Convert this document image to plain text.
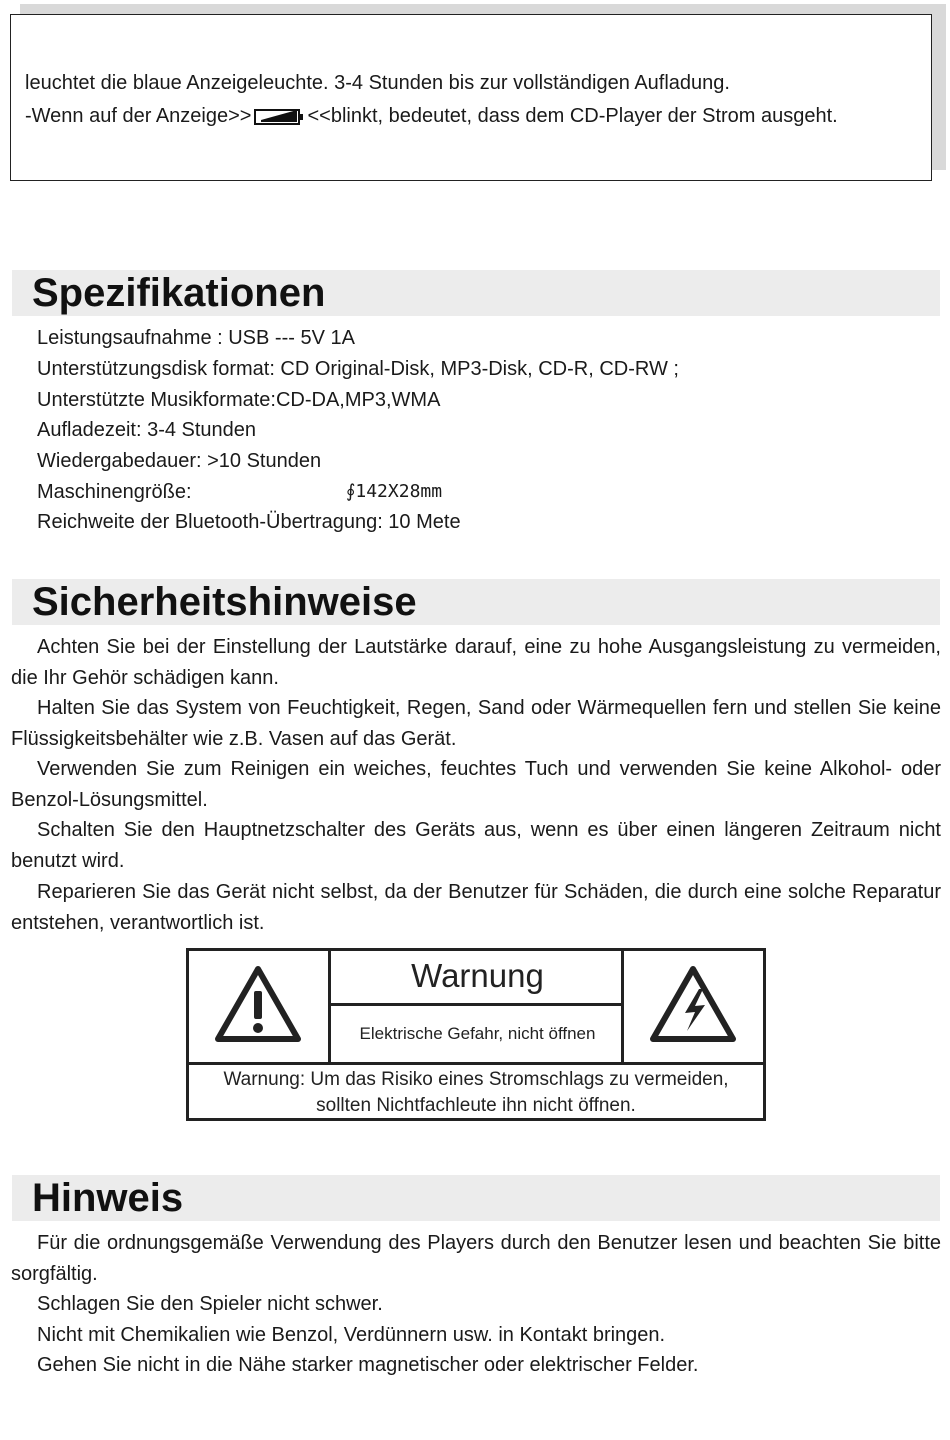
leuchtet die blaue Anzeigeleuchte. 3-4 Stunden bis zur vollständigen Aufladung.
-Wenn auf der Anzeige>>	<<blinkt, bedeutet, dass dem CD-Player der Strom ausgeht.
Spezifikationen
Leistungsaufnahme : USB --- 5V 1A
Unterstützungsdisk format: CD Original-Disk, MP3-Disk, CD-R, CD-RW ;
Unterstützte Musikformate:CD-DA,MP3,WMA
Aufladezeit: 3-4 Stunden
Wiedergabedauer: >10 Stunden
Maschinengröße:	∮142X28mm
Reichweite der Bluetooth-Übertragung: 10 Mete
Sicherheitshinweise

Achten Sie bei der Einstellung der Lautstärke darauf, eine zu hohe Ausgangsleistung zu vermeiden, die Ihr Gehör schädigen kann.

Halten Sie das System von Feuchtigkeit, Regen, Sand oder Wärmequellen fern und stellen Sie keine Flüssigkeitsbehälter wie z.B. Vasen auf das Gerät.

Verwenden Sie zum Reinigen ein weiches, feuchtes Tuch und verwenden Sie keine Alkohol- oder Benzol-Lösungsmittel.

Schalten Sie den Hauptnetzschalter des Geräts aus, wenn es über einen längeren Zeitraum nicht benutzt wird.

Reparieren Sie das Gerät nicht selbst, da der Benutzer für Schäden, die durch eine solche Reparatur entstehen, verantwortlich ist.

Warnung
Elektrische Gefahr, nicht öffnen
Warnung: Um das Risiko eines Stromschlags zu vermeiden,
sollten Nichtfachleute ihn nicht öffnen.
Hinweis

Für die ordnungsgemäße Verwendung des Players durch den Benutzer lesen und beachten Sie bitte sorgfältig.

Schlagen Sie den Spieler nicht schwer.

Nicht mit Chemikalien wie Benzol, Verdünnern usw. in Kontakt bringen.

Gehen Sie nicht in die Nähe starker magnetischer oder elektrischer Felder.
